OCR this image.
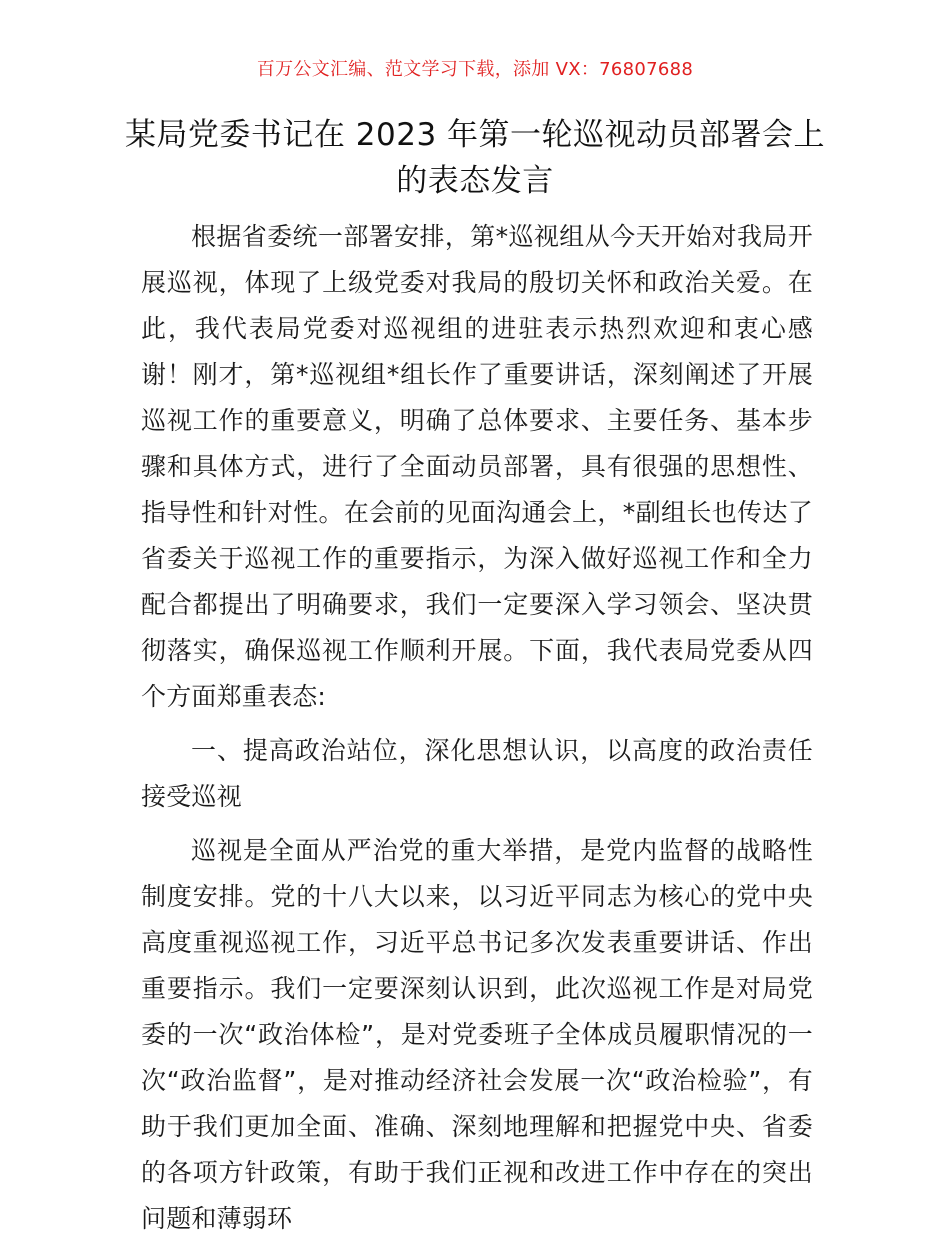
百万公文汇编、范文学习下载，添加 VX：76807688
某局党委书记在 2023 年第一轮巡视动员部署会上的表态发言

根据省委统一部署安排，第*巡视组从今天开始对我局开展巡视，体现了上级党委对我局的殷切关怀和政治关爱。在此，我代表局党委对巡视组的进驻表示热烈欢迎和衷心感谢！刚才，第*巡视组*组长作了重要讲话，深刻阐述了开展巡视工作的重要意义，明确了总体要求、主要任务、基本步骤和具体方式，进行了全面动员部署，具有很强的思想性、指导性和针对性。在会前的见面沟通会上，*副组长也传达了省委关于巡视工作的重要指示，为深入做好巡视工作和全力配合都提出了明确要求，我们一定要深入学习领会、坚决贯彻落实，确保巡视工作顺利开展。下面，我代表局党委从四个方面郑重表态:

一、提高政治站位，深化思想认识，以高度的政治责任接受巡视

巡视是全面从严治党的重大举措，是党内监督的战略性制度安排。党的十八大以来，以习近平同志为核心的党中央高度重视巡视工作，习近平总书记多次发表重要讲话、作出重要指示。我们一定要深刻认识到，此次巡视工作是对局党委的一次“政治体检”，是对党委班子全体成员履职情况的一次“政治监督”，是对推动经济社会发展一次“政治检验”，有助于我们更加全面、准确、深刻地理解和把握党中央、省委的各项方针政策，有助于我们正视和改进工作中存在的突出问题和薄弱环
